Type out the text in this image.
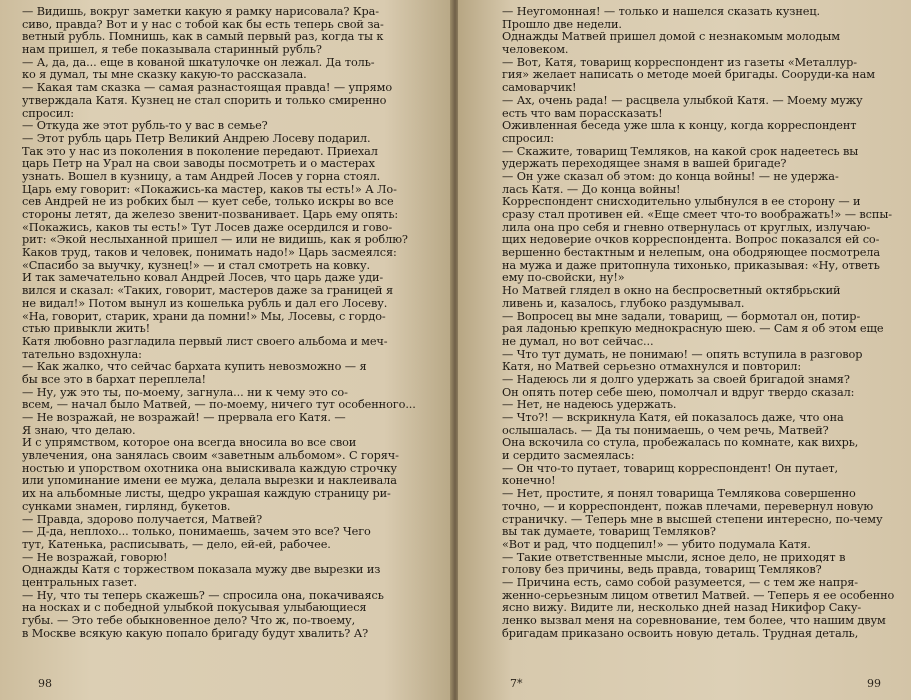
— Видишь, вокруг заметки какую я рамку нарисовала? Кра-
сиво, правда? Вот и у нас с тобой как бы есть теперь свой за-
ветный рубль. Помнишь, как в самый первый раз, когда ты к
нам пришел, я тебе показывала старинный рубль?
— А, да, да... еще в кованой шкатулочке он лежал. Да толь-
ко я думал, ты мне сказку какую-то рассказала.
— Какая там сказка — самая разнастоящая правда! — упрямо
утверждала Катя. Кузнец не стал спорить и только смиренно
спросил:
— Откуда же этот рубль-то у вас в семье?
— Этот рубль царь Петр Великий Андрею Лосеву подарил.
Так это у нас из поколения в поколение передают. Приехал
царь Петр на Урал на свои заводы посмотреть и о мастерах
узнать. Вошел в кузницу, а там Андрей Лосев у горна стоял.
Царь ему говорит: «Покажись-ка мастер, каков ты есть!» А Ло-
сев Андрей не из робких был — кует себе, только искры во все
стороны летят, да железо звенит-позванивает. Царь ему опять:
«Покажись, каков ты есть!» Тут Лосев даже осердился и гово-
рит: «Экой неслыханной пришел — или не видишь, как я роблю?
Каков труд, таков и человек, понимать надо!» Царь засмеялся:
«Спасибо за выучку, кузнец!» — и стал смотреть на ковку.
И так замечательно ковал Андрей Лосев, что царь даже уди-
вился и сказал: «Таких, говорит, мастеров даже за границей я
не видал!» Потом вынул из кошелька рубль и дал его Лосеву.
«На, говорит, старик, храни да помни!» Мы, Лосевы, с гордо-
стью привыкли жить!
Катя любовно разгладила первый лист своего альбома и меч-
тательно вздохнула:
— Как жалко, что сейчас бархата купить невозможно — я
бы все это в бархат переплела!
— Ну, уж это ты, по-моему, загнула... ни к чему это со-
всем, — начал было Матвей, — по-моему, ничего тут особенного...
— Не возражай, не возражай! — прервала его Катя. —
Я знаю, что делаю.
И с упрямством, которое она всегда вносила во все свои
увлечения, она занялась своим «заветным альбомом». С горяч-
ностью и упорством охотника она выискивала каждую строчку
или упоминание имени ее мужа, делала вырезки и наклеивала
их на альбомные листы, щедро украшая каждую страницу ри-
сунками знамен, гирлянд, букетов.
— Правда, здорово получается, Матвей?
— Д-да, неплохо... только, понимаешь, зачем это все? Чего
тут, Катенька, расписывать, — дело, ей-ей, рабочее.
— Не возражай, говорю!
Однажды Катя с торжеством показала мужу две вырезки из
центральных газет.
— Ну, что ты теперь скажешь? — спросила она, покачиваясь
на носках и с победной улыбкой покусывая улыбающиеся
губы. — Это тебе обыкновенное дело? Что ж, по-твоему,
в Москве всякую какую попало бригаду будут хвалить? А?
98
— Неугомонная! — только и нашелся сказать кузнец.
Прошло две недели.
Однажды Матвей пришел домой с незнакомым молодым
человеком.
— Вот, Катя, товарищ корреспондент из газеты «Металлур-
гия» желает написать о методе моей бригады. Сооруди-ка нам
самоварчик!
— Ах, очень рада! — расцвела улыбкой Катя. — Моему мужу
есть что вам порассказать!
Оживленная беседа уже шла к концу, когда корреспондент
спросил:
— Скажите, товарищ Темляков, на какой срок надеетесь вы
удержать переходящее знамя в вашей бригаде?
— Он уже сказал об этом: до конца войны! — не удержа-
лась Катя. — До конца войны!
Корреспондент снисходительно улыбнулся в ее сторону — и
сразу стал противен ей. «Еще смеет что-то воображать!» — вспы-
лила она про себя и гневно отвернулась от круглых, излучаю-
щих недоверие очков корреспондента. Вопрос показался ей со-
вершенно бестактным и нелепым, она ободряющее посмотрела
на мужа и даже притопнула тихонько, приказывая: «Ну, ответь
ему по-свойски, ну!»
Но Матвей глядел в окно на беспросветный октябрьский
ливень и, казалось, глубоко раздумывал.
— Вопросец вы мне задали, товарищ, — бормотал он, потир-
рая ладонью крепкую меднокрасную шею. — Сам я об этом еще
не думал, но вот сейчас...
— Что тут думать, не понимаю! — опять вступила в разговор
Катя, но Матвей серьезно отмахнулся и повторил:
— Надеюсь ли я долго удержать за своей бригадой знамя?
Он опять потер себе шею, помолчал и вдруг твердо сказал:
— Нет, не надеюсь удержать.
— Что?! — вскрикнула Катя, ей показалось даже, что она
ослышалась. — Да ты понимаешь, о чем речь, Матвей?
Она вскочила со стула, пробежалась по комнате, как вихрь,
и сердито засмеялась:
— Он что-то путает, товарищ корреспондент! Он путает,
конечно!
— Нет, простите, я понял товарища Темлякова совершенно
точно, — и корреспондент, пожав плечами, перевернул новую
страничку. — Теперь мне в высшей степени интересно, по-чему
вы так думаете, товарищ Темляков?
«Вот и рад, что подцепил!» — убито подумала Катя.
— Такие ответственные мысли, ясное дело, не приходят в
голову без причины, ведь правда, товарищ Темляков?
— Причина есть, само собой разумеется, — с тем же напря-
женно-серьезным лицом ответил Матвей. — Теперь я ее особенно
ясно вижу. Видите ли, несколько дней назад Никифор Саку-
ленко вызвал меня на соревнование, тем более, что нашим двум
бригадам приказано освоить новую деталь. Трудная деталь,
7*	99
